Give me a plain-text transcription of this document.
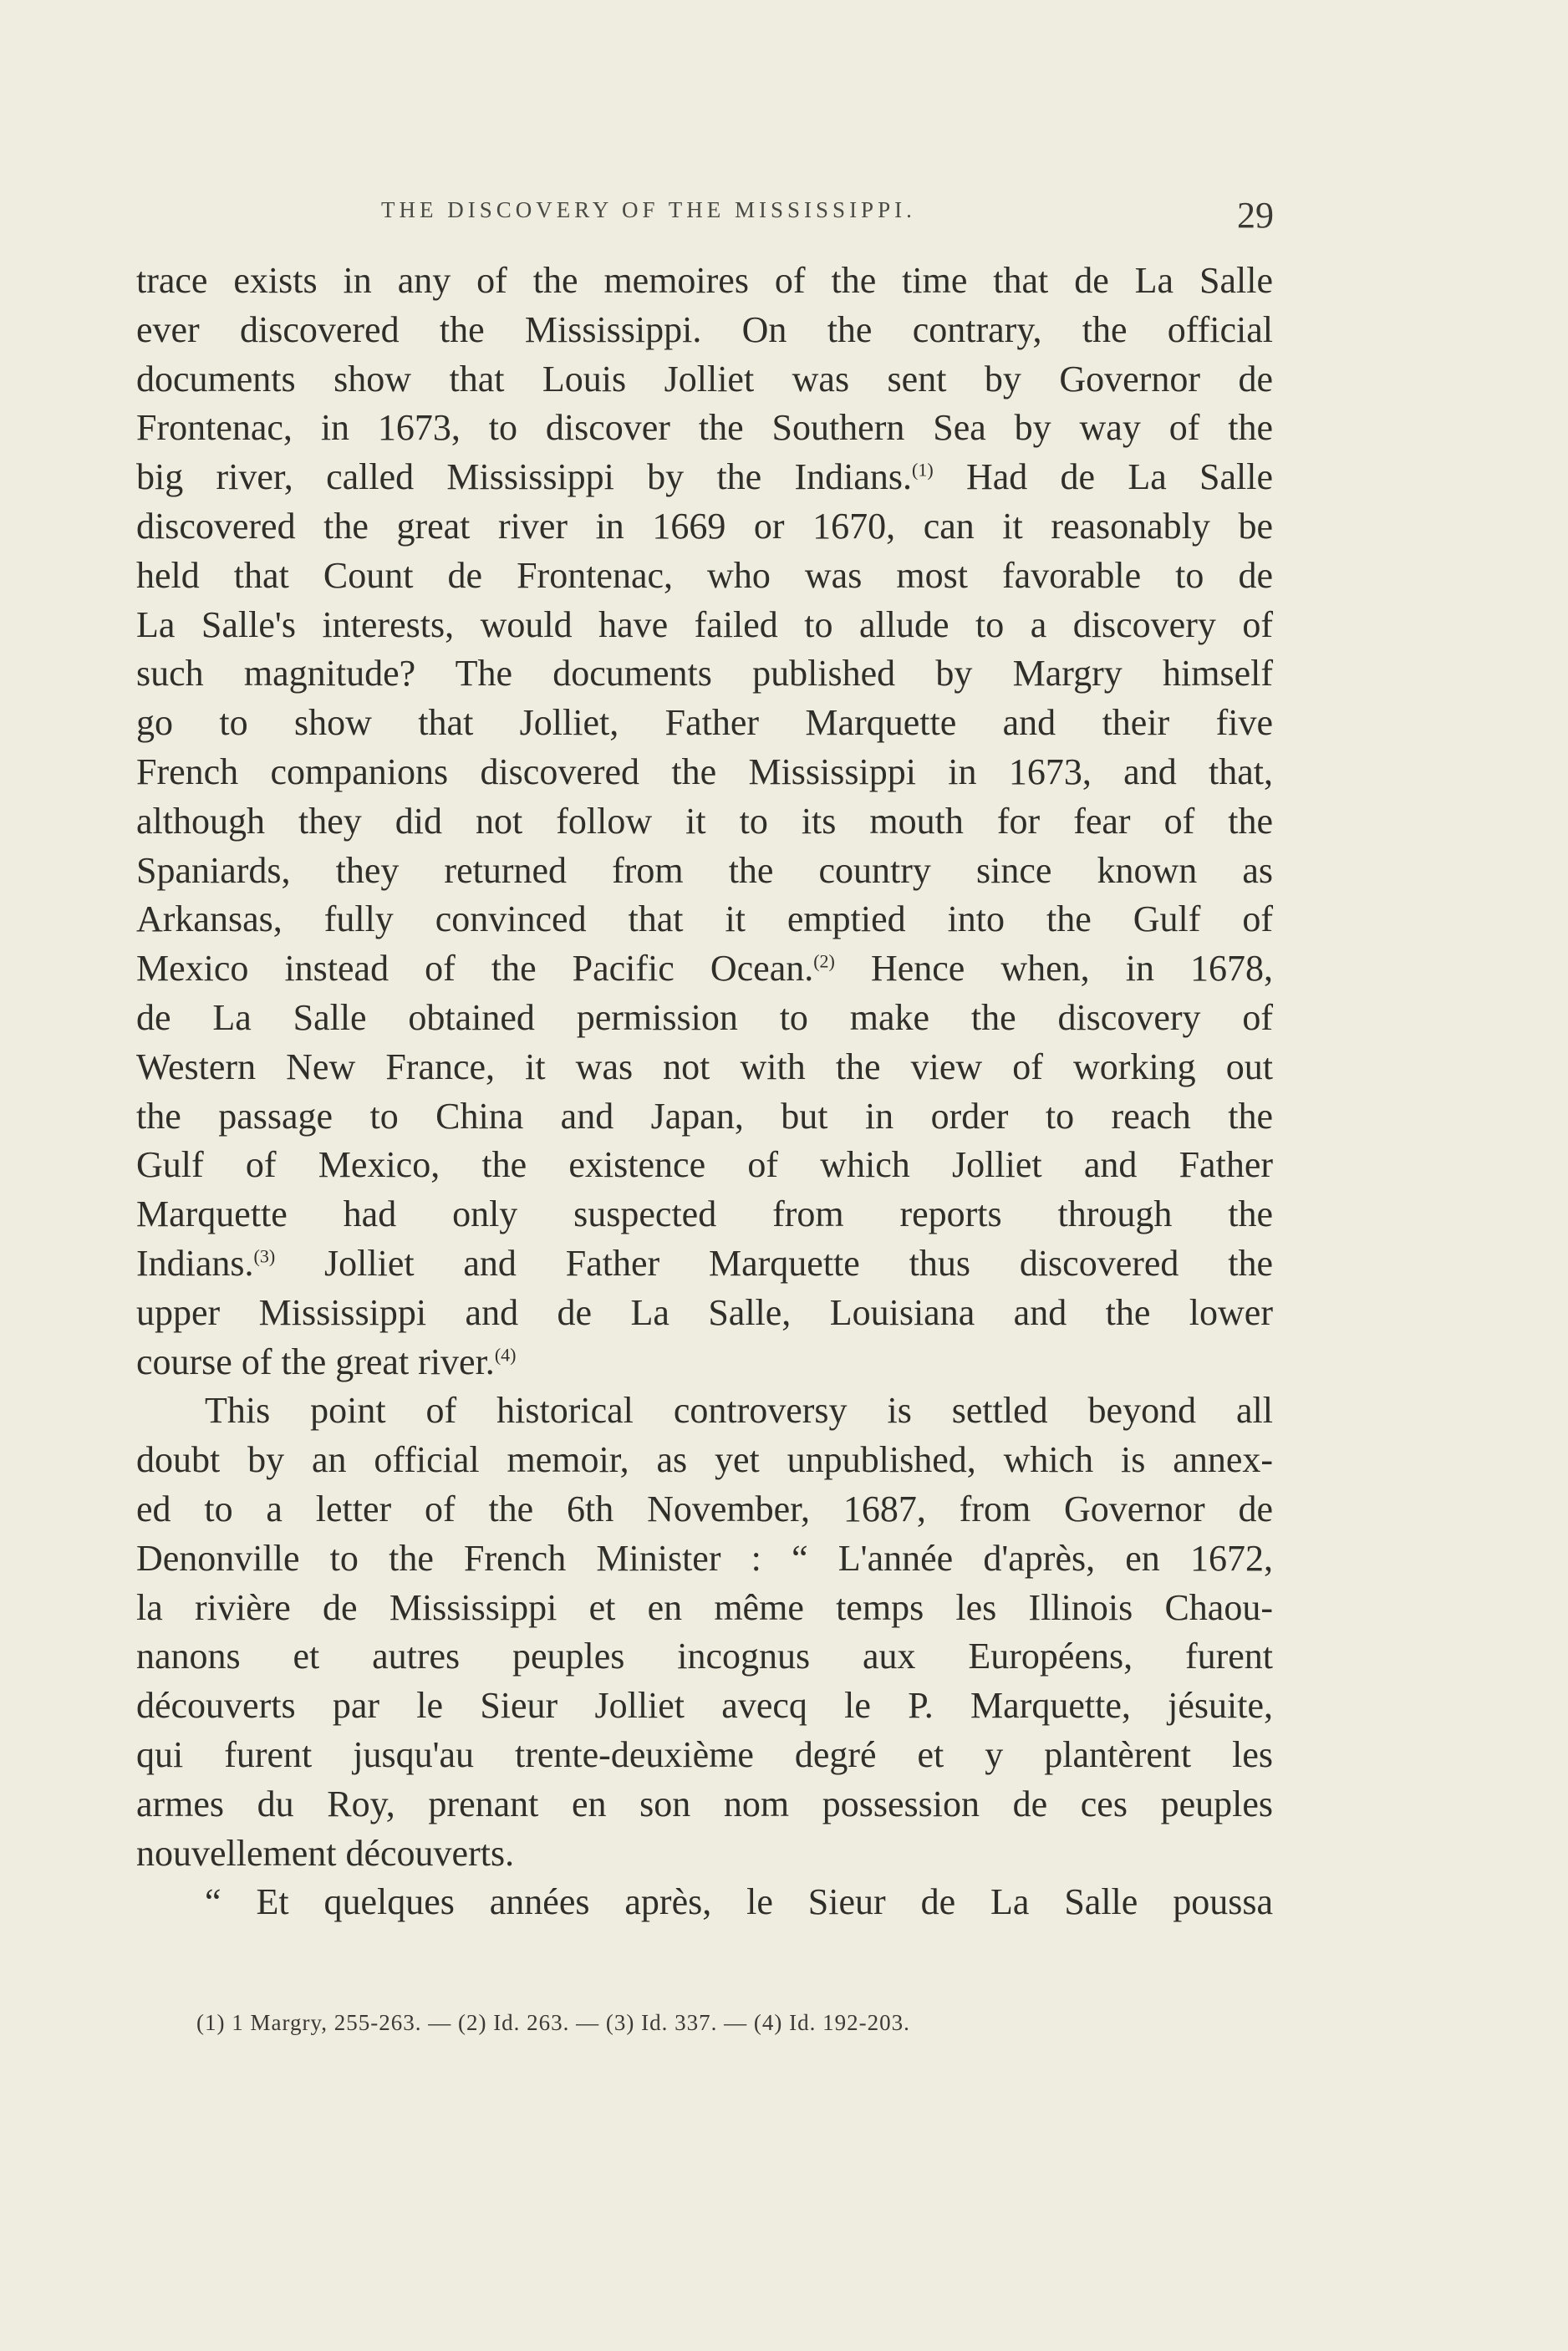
THE DISCOVERY OF THE MISSISSIPPI.	29
trace exists in any of the memoires of the time that de La Salle
ever discovered the Mississippi. On the contrary, the official
documents show that Louis Jolliet was sent by Governor de
Frontenac, in 1673, to discover the Southern Sea by way of the
big river, called Mississippi by the Indians.$^{(1)}$ Had de La Salle
discovered the great river in 1669 or 1670, can it reasonably be
held that Count de Frontenac, who was most favorable to de
La Salle's interests, would have failed to allude to a discovery of
such magnitude? The documents published by Margry himself
go to show that Jolliet, Father Marquette and their five
French companions discovered the Mississippi in 1673, and that,
although they did not follow it to its mouth for fear of the
Spaniards, they returned from the country since known as
Arkansas, fully convinced that it emptied into the Gulf of
Mexico instead of the Pacific Ocean.$^{(2)}$ Hence when, in 1678,
de La Salle obtained permission to make the discovery of
Western New France, it was not with the view of working out
the passage to China and Japan, but in order to reach the
Gulf of Mexico, the existence of which Jolliet and Father
Marquette had only suspected from reports through the
Indians.$^{(3)}$ Jolliet and Father Marquette thus discovered the
upper Mississippi and de La Salle, Louisiana and the lower
course of the great river.$^{(4)}$
This point of historical controversy is settled beyond all
doubt by an official memoir, as yet unpublished, which is annex-
ed to a letter of the 6th November, 1687, from Governor de
Denonville to the French Minister : “ L'année d'après, en 1672,
la rivière de Mississippi et en même temps les Illinois Chaou-
nanons et autres peuples incognus aux Européens, furent
découverts par le Sieur Jolliet avecq le P. Marquette, jésuite,
qui furent jusqu'au trente-deuxième degré et y plantèrent les
armes du Roy, prenant en son nom possession de ces peuples
nouvellement découverts.
“ Et quelques années après, le Sieur de La Salle poussa
(1) 1 Margry, 255-263. — (2) Id. 263. — (3) Id. 337. — (4) Id. 192-203.
